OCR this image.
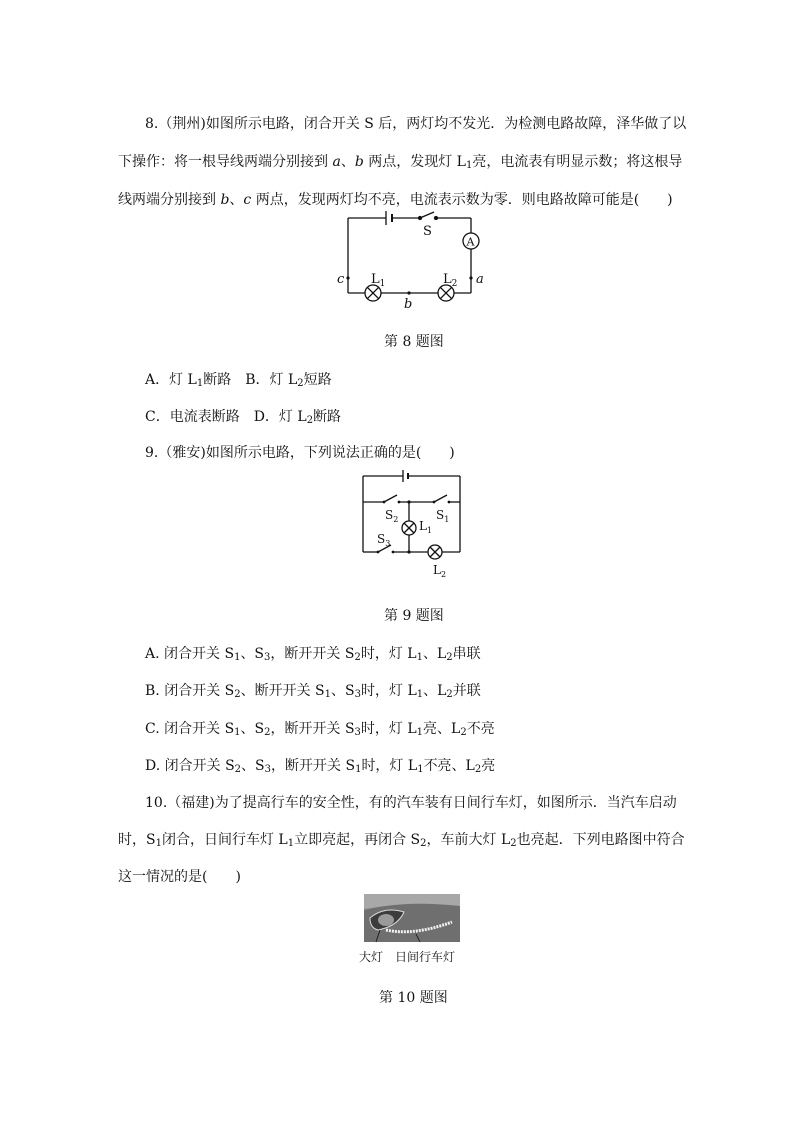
8.（荆州)如图所示电路，闭合开关 S 后，两灯均不发光．为检测电路故障，泽华做了以
下操作：将一根导线两端分别接到 a、b 两点，发现灯 $L_1$亮，电流表有明显示数；将这根导
线两端分别接到 b、c 两点，发现两灯均不亮，电流表示数为零．则电路故障可能是(　　)
S
A
$L_1$	$L_2$ a
b
c
第 8 题图
A．灯 $L_1$断路　B．灯 $L_2$短路
C．电流表断路　D．灯 $L_2$断路
9.（雅安)如图所示电路，下列说法正确的是(　　)
$S_2$	$S_1$
$S_3$
$L_1$
$L_2$
第 9 题图
A. 闭合开关 $S_1$、$S_3$，断开开关 $S_2$时，灯 $L_1$、$L_2$串联
B. 闭合开关 $S_2$、断开开关 $S_1$、$S_3$时，灯 $L_1$、$L_2$并联
C. 闭合开关 $S_1$、$S_2$，断开开关 $S_3$时，灯 $L_1$亮、$L_2$不亮
D. 闭合开关 $S_2$、$S_3$，断开开关 $S_1$时，灯 $L_1$不亮、$L_2$亮
10.（福建)为了提高行车的安全性，有的汽车装有日间行车灯，如图所示．当汽车启动
时，$S_1$闭合，日间行车灯 $L_1$立即亮起，再闭合 $S_2$，车前大灯 $L_2$也亮起．下列电路图中符合
这一情况的是(　　)
大灯 日间行车灯
第 10 题图
